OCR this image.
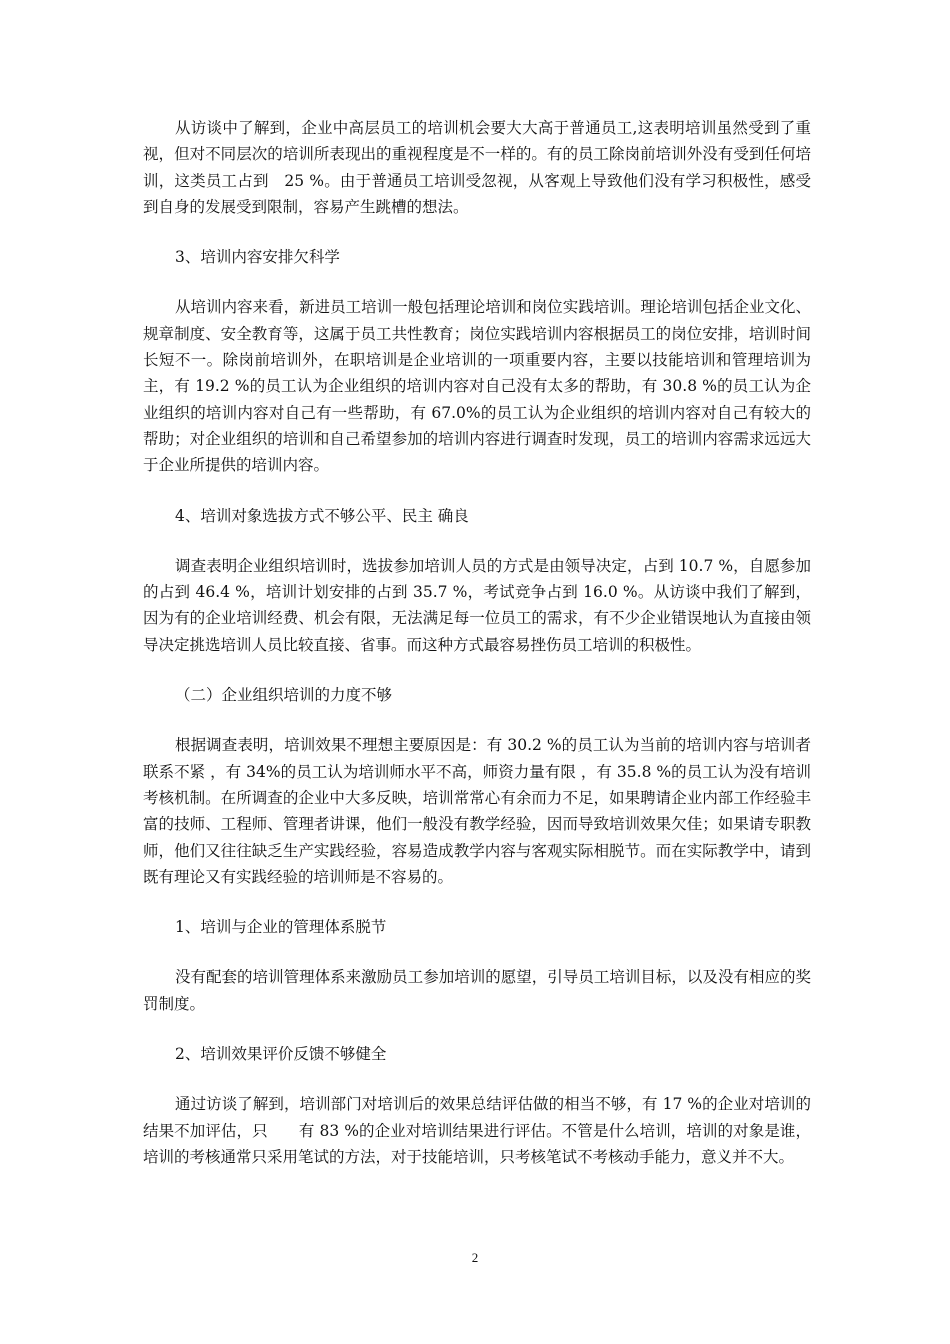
从访谈中了解到，企业中高层员工的培训机会要大大高于普通员工,这表明培训虽然受到了重视，但对不同层次的培训所表现出的重视程度是不一样的。有的员工除岗前培训外没有受到任何培训，这类员工占到　25 %。由于普通员工培训受忽视，从客观上导致他们没有学习积极性，感受到自身的发展受到限制，容易产生跳槽的想法。

3、培训内容安排欠科学

从培训内容来看，新进员工培训一般包括理论培训和岗位实践培训。理论培训包括企业文化、规章制度、安全教育等，这属于员工共性教育；岗位实践培训内容根据员工的岗位安排，培训时间长短不一。除岗前培训外，在职培训是企业培训的一项重要内容，主要以技能培训和管理培训为主，有 19.2 %的员工认为企业组织的培训内容对自己没有太多的帮助，有 30.8 %的员工认为企业组织的培训内容对自己有一些帮助，有 67.0%的员工认为企业组织的培训内容对自己有较大的帮助；对企业组织的培训和自己希望参加的培训内容进行调查时发现，员工的培训内容需求远远大于企业所提供的培训内容。

4、培训对象选拔方式不够公平、民主 确良

调查表明企业组织培训时，选拔参加培训人员的方式是由领导决定，占到 10.7 %，自愿参加的占到 46.4 %，培训计划安排的占到 35.7 %，考试竞争占到 16.0 %。从访谈中我们了解到，因为有的企业培训经费、机会有限，无法满足每一位员工的需求，有不少企业错误地认为直接由领导决定挑选培训人员比较直接、省事。而这种方式最容易挫伤员工培训的积极性。

（二）企业组织培训的力度不够

根据调查表明，培训效果不理想主要原因是：有 30.2 %的员工认为当前的培训内容与培训者联系不紧 ，有 34%的员工认为培训师水平不高，师资力量有限 ，有 35.8 %的员工认为没有培训考核机制。在所调查的企业中大多反映，培训常常心有余而力不足，如果聘请企业内部工作经验丰富的技师、工程师、管理者讲课，他们一般没有教学经验，因而导致培训效果欠佳；如果请专职教师，他们又往往缺乏生产实践经验，容易造成教学内容与客观实际相脱节。而在实际教学中，请到既有理论又有实践经验的培训师是不容易的。

1、培训与企业的管理体系脱节

没有配套的培训管理体系来激励员工参加培训的愿望，引导员工培训目标，以及没有相应的奖罚制度。

2、培训效果评价反馈不够健全

通过访谈了解到，培训部门对培训后的效果总结评估做的相当不够，有 17 %的企业对培训的结果不加评估，只　　有 83 %的企业对培训结果进行评估。不管是什么培训，培训的对象是谁，培训的考核通常只采用笔试的方法，对于技能培训，只考核笔试不考核动手能力，意义并不大。

2
